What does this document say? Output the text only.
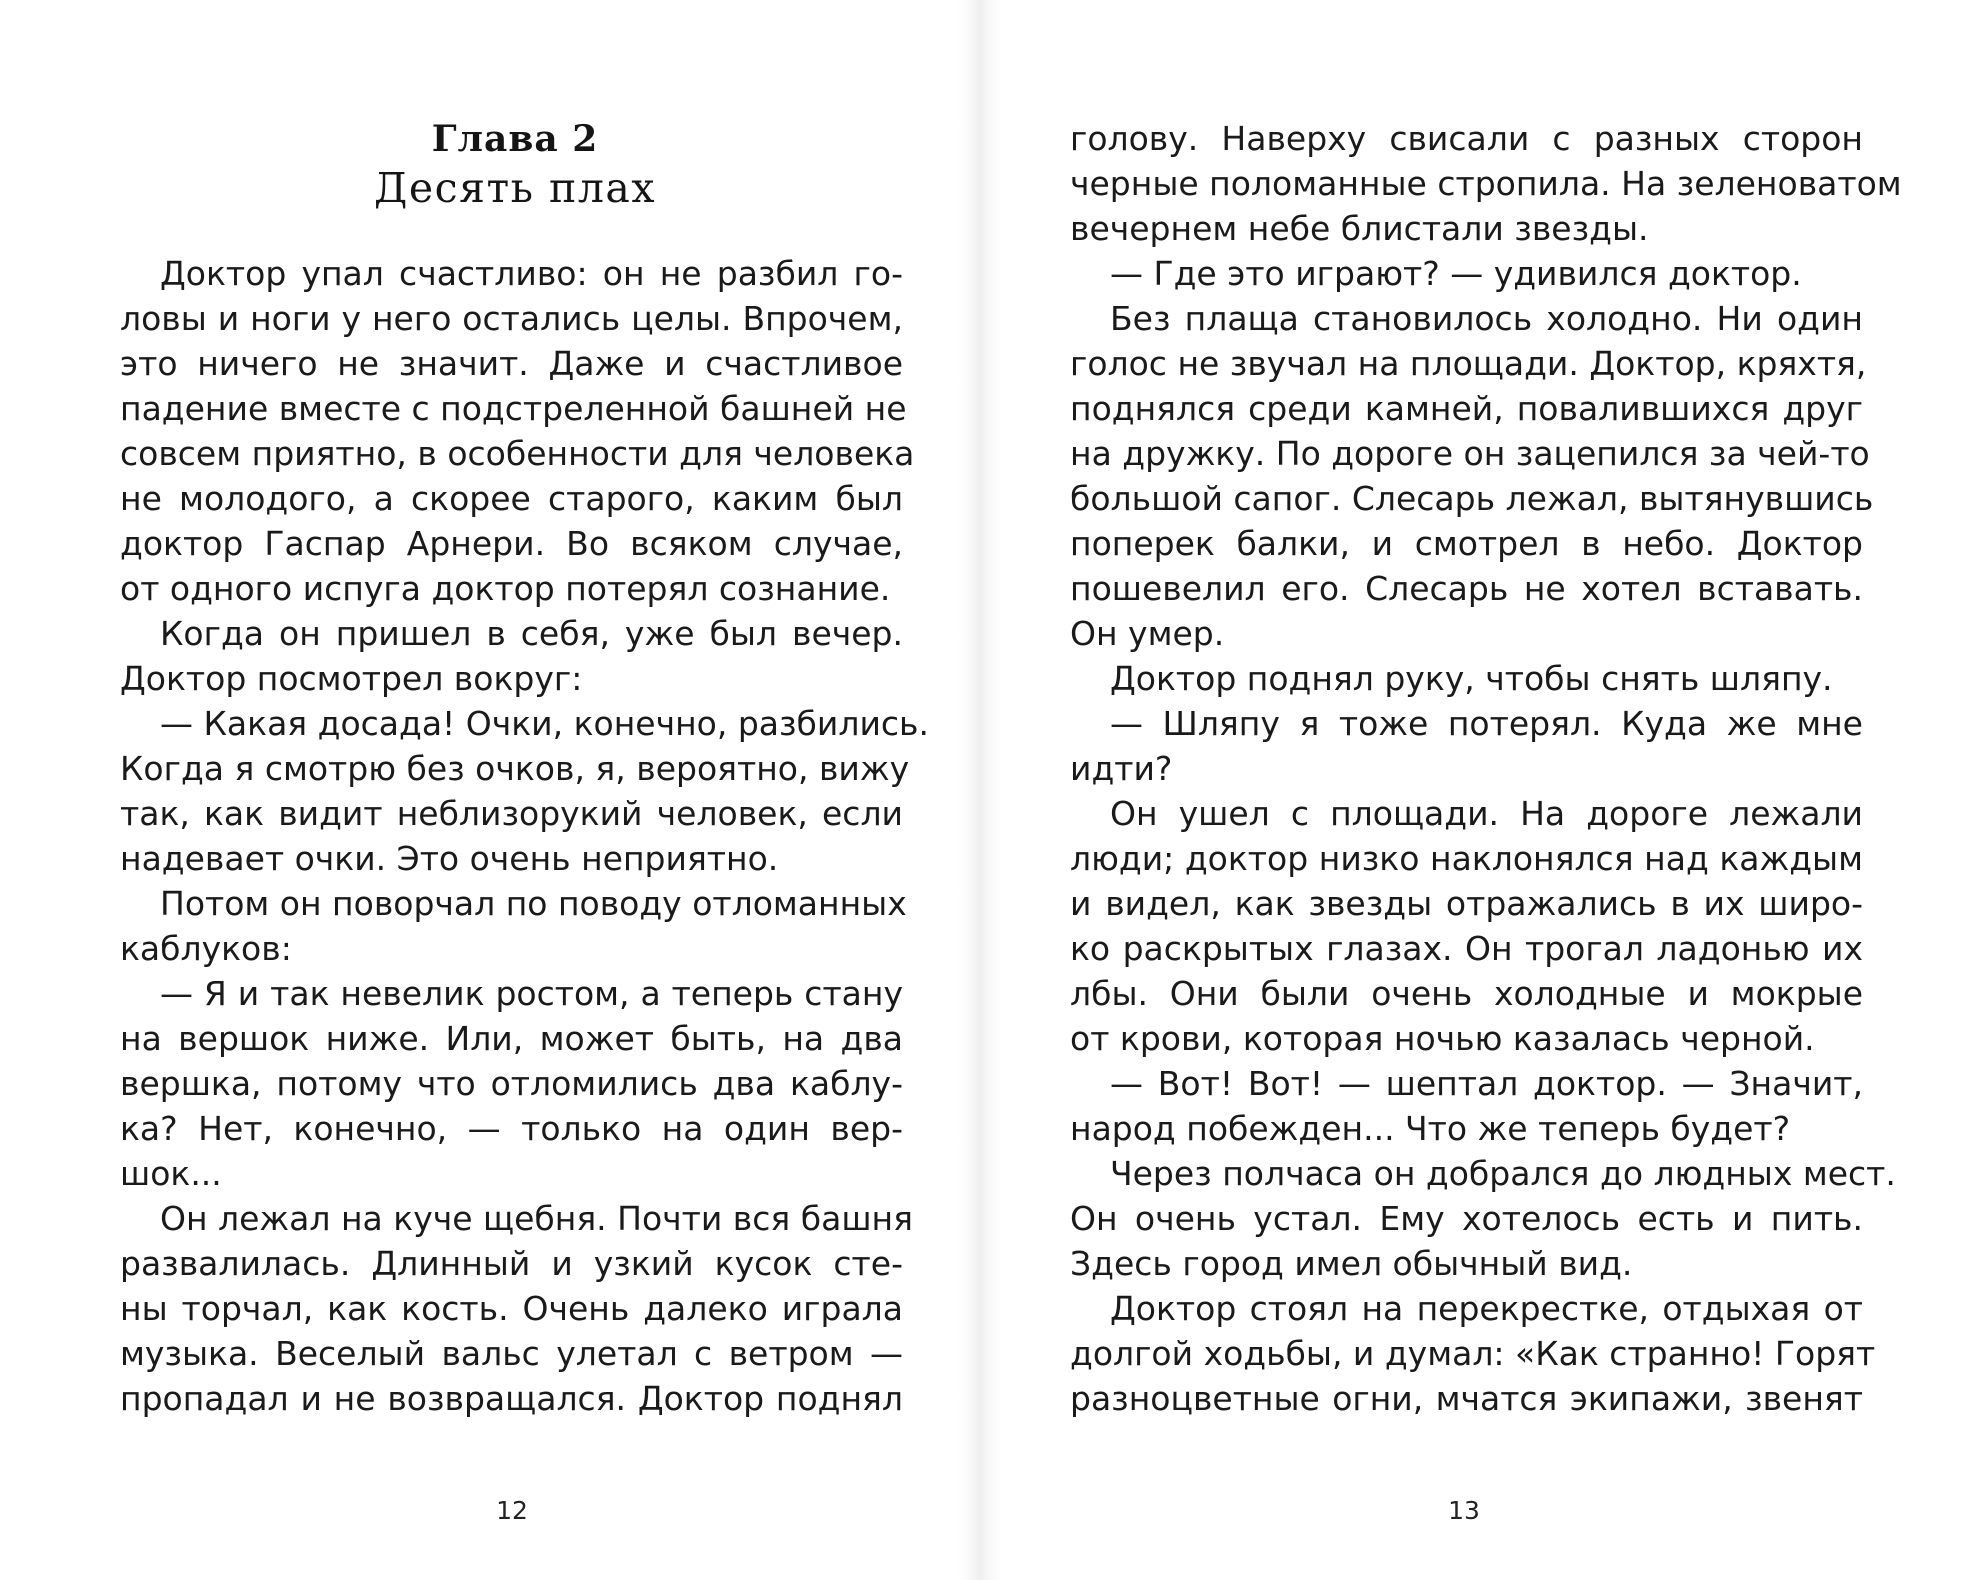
Глава 2
Десять плах
Доктор упал счастливо: он не разбил го-
ловы и ноги у него остались целы. Впрочем,
это ничего не значит. Даже и счастливое
падение вместе с подстреленной башней не
совсем приятно, в особенности для человека
не молодого, а скорее старого, каким был
доктор Гаспар Арнери. Во всяком случае,
от одного испуга доктор потерял сознание.
Когда он пришел в себя, уже был вечер.
Доктор посмотрел вокруг:
— Какая досада! Очки, конечно, разбились.
Когда я смотрю без очков, я, вероятно, вижу
так, как видит неблизорукий человек, если
надевает очки. Это очень неприятно.
Потом он поворчал по поводу отломанных
каблуков:
— Я и так невелик ростом, а теперь стану
на вершок ниже. Или, может быть, на два
вершка, потому что отломились два каблу-
ка? Нет, конечно, — только на один вер-
шок...
Он лежал на куче щебня. Почти вся башня
развалилась. Длинный и узкий кусок сте-
ны торчал, как кость. Очень далеко играла
музыка. Веселый вальс улетал с ветром —
пропадал и не возвращался. Доктор поднял
12
голову. Наверху свисали с разных сторон
черные поломанные стропила. На зеленоватом
вечернем небе блистали звезды.
— Где это играют? — удивился доктор.
Без плаща становилось холодно. Ни один
голос не звучал на площади. Доктор, кряхтя,
поднялся среди камней, повалившихся друг
на дружку. По дороге он зацепился за чей-то
большой сапог. Слесарь лежал, вытянувшись
поперек балки, и смотрел в небо. Доктор
пошевелил его. Слесарь не хотел вставать.
Он умер.
Доктор поднял руку, чтобы снять шляпу.
— Шляпу я тоже потерял. Куда же мне
идти?
Он ушел с площади. На дороге лежали
люди; доктор низко наклонялся над каждым
и видел, как звезды отражались в их широ-
ко раскрытых глазах. Он трогал ладонью их
лбы. Они были очень холодные и мокрые
от крови, которая ночью казалась черной.
— Вот! Вот! — шептал доктор. — Значит,
народ побежден... Что же теперь будет?
Через полчаса он добрался до людных мест.
Он очень устал. Ему хотелось есть и пить.
Здесь город имел обычный вид.
Доктор стоял на перекрестке, отдыхая от
долгой ходьбы, и думал: «Как странно! Горят
разноцветные огни, мчатся экипажи, звенят
13
